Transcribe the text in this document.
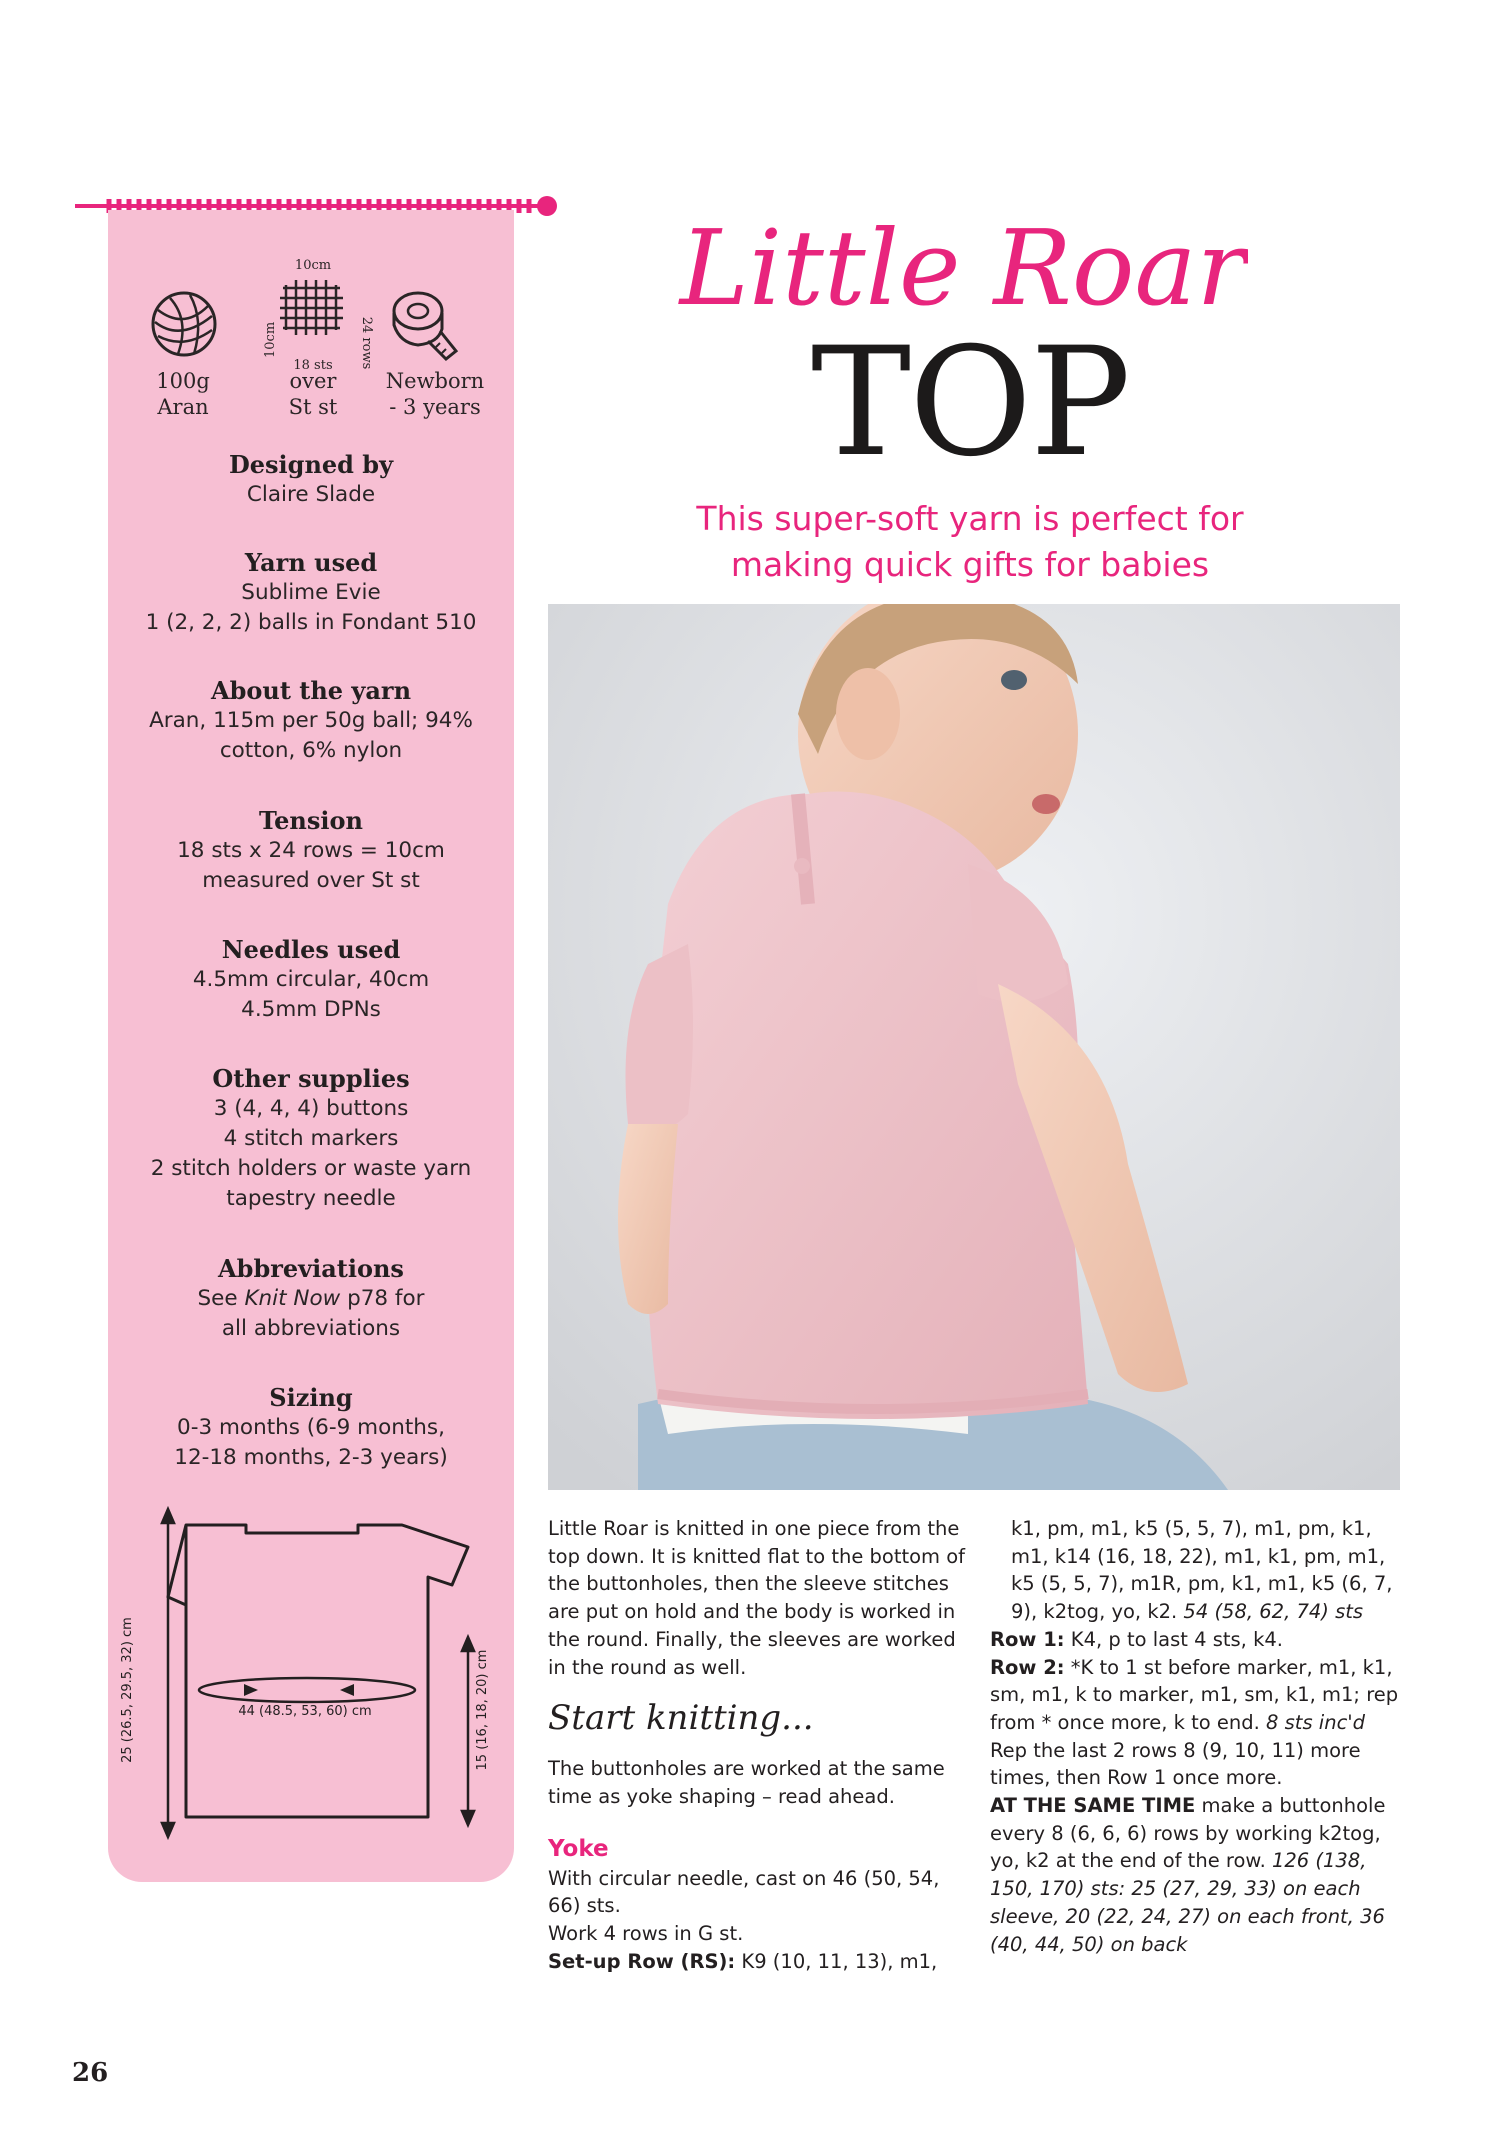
10cm
10cm	24 rows
18 sts
100g
Aran
over
St st
Newborn
- 3 years
Designed by
Claire Slade
Yarn used
Sublime Evie
1 (2, 2, 2) balls in Fondant 510
About the yarn
Aran, 115m per 50g ball; 94%
cotton, 6% nylon
Tension
18 sts x 24 rows = 10cm
measured over St st
Needles used
4.5mm circular, 40cm
4.5mm DPNs
Other supplies
3 (4, 4, 4) buttons
4 stitch markers
2 stitch holders or waste yarn
tapestry needle
Abbreviations
See Knit Now p78 for
all abbreviations
Sizing
0-3 months (6-9 months,
12-18 months, 2-3 years)
25 (26.5, 29.5, 32) cm	44 (48.5, 53, 60) cm	15 (16, 18, 20) cm
Little Roar
TOP
This super-soft yarn is perfect for
making quick gifts for babies

Little Roar is knitted in one piece from the top down. It is knitted flat to the bottom of the buttonholes, then the sleeve stitches are put on hold and the body is worked in the round. Finally, the sleeves are worked in the round as well.

Start knitting...

The buttonholes are worked at the same time as yoke shaping – read ahead.

Yoke

With circular needle, cast on 46 (50, 54, 66) sts.

Work 4 rows in G st.

Set-up Row (RS): K9 (10, 11, 13), m1,

k1, pm, m1, k5 (5, 5, 7), m1, pm, k1, m1, k14 (16, 18, 22), m1, k1, pm, m1, k5 (5, 5, 7), m1R, pm, k1, m1, k5 (6, 7, 9), k2tog, yo, k2. 54 (58, 62, 74) sts

Row 1: K4, p to last 4 sts, k4.

Row 2: *K to 1 st before marker, m1, k1, sm, m1, k to marker, m1, sm, k1, m1; rep from * once more, k to end. 8 sts inc'd

Rep the last 2 rows 8 (9, 10, 11) more times, then Row 1 once more.

AT THE SAME TIME make a buttonhole every 8 (6, 6, 6) rows by working k2tog, yo, k2 at the end of the row. 126 (138, 150, 170) sts: 25 (27, 29, 33) on each sleeve, 20 (22, 24, 27) on each front, 36 (40, 44, 50) on back

26
